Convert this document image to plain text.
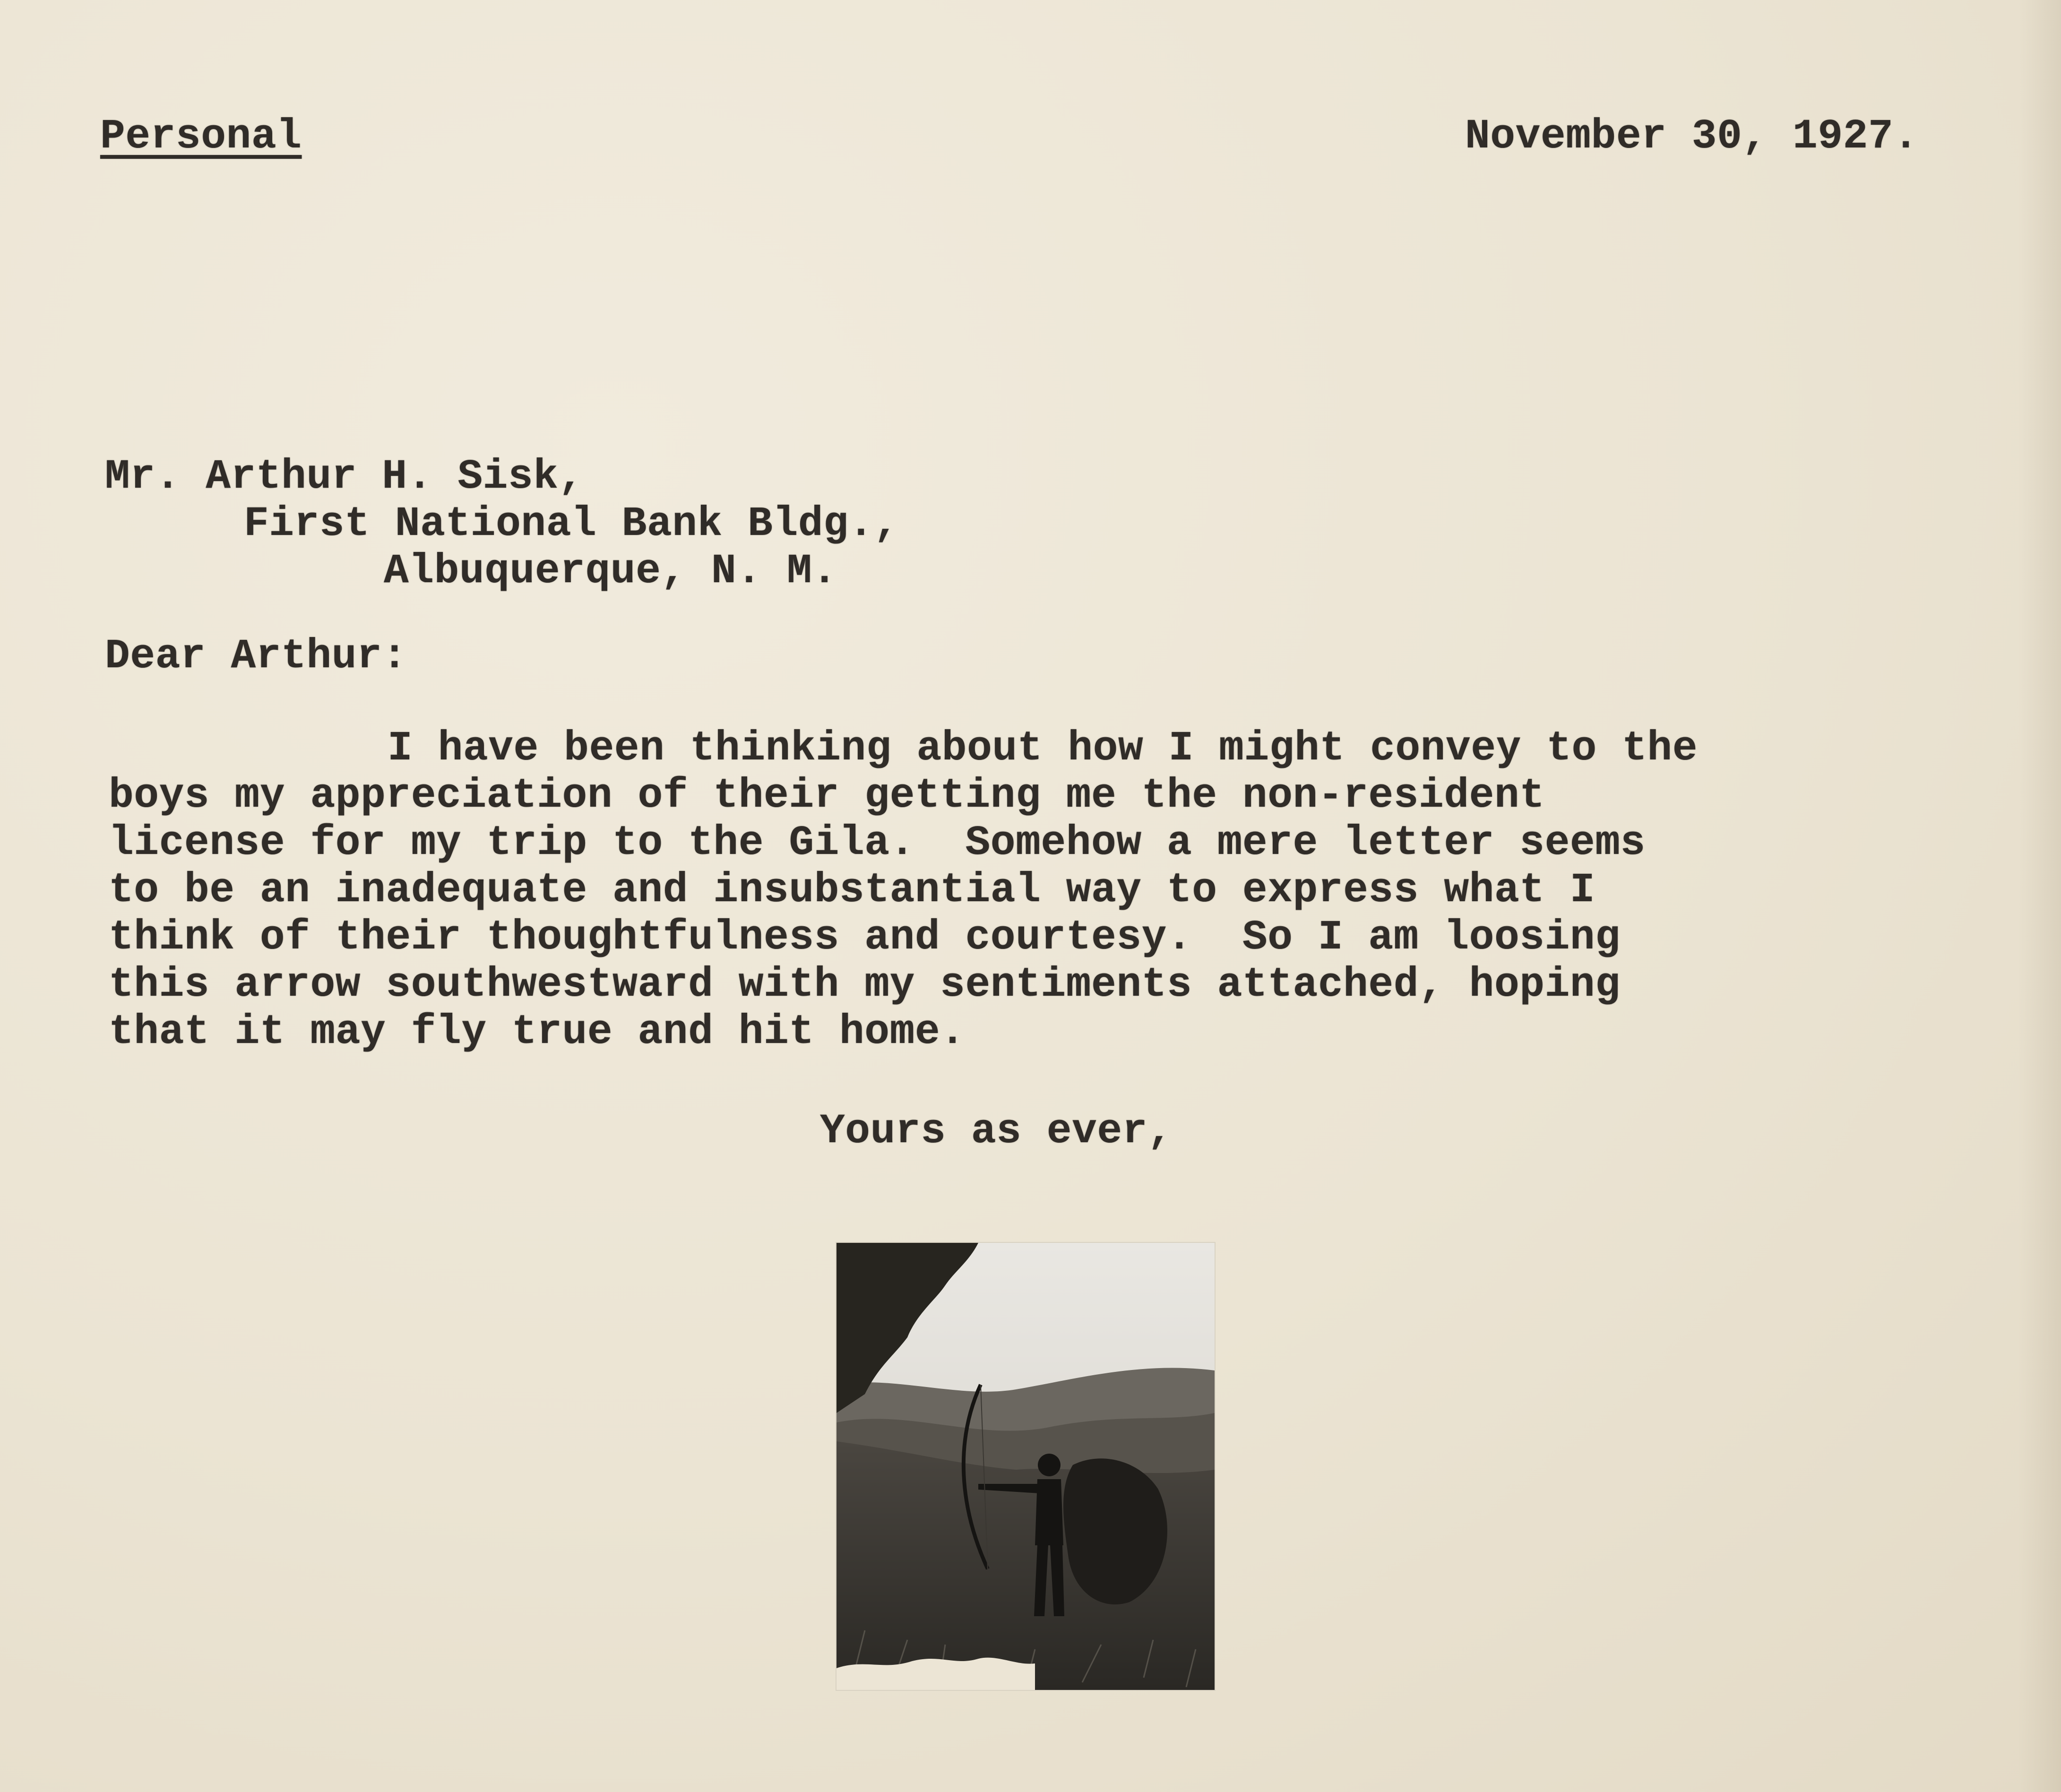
Personal	November 30, 1927.
Mr. Arthur H. Sisk,
First National Bank Bldg.,
Albuquerque, N. M.
Dear Arthur:
I have been thinking about how I might convey to the
boys my appreciation of their getting me the non-resident
license for my trip to the Gila.  Somehow a mere letter seems
to be an inadequate and insubstantial way to express what I
think of their thoughtfulness and courtesy.  So I am loosing
this arrow southwestward with my sentiments attached, hoping
that it may fly true and hit home.
Yours as ever,
